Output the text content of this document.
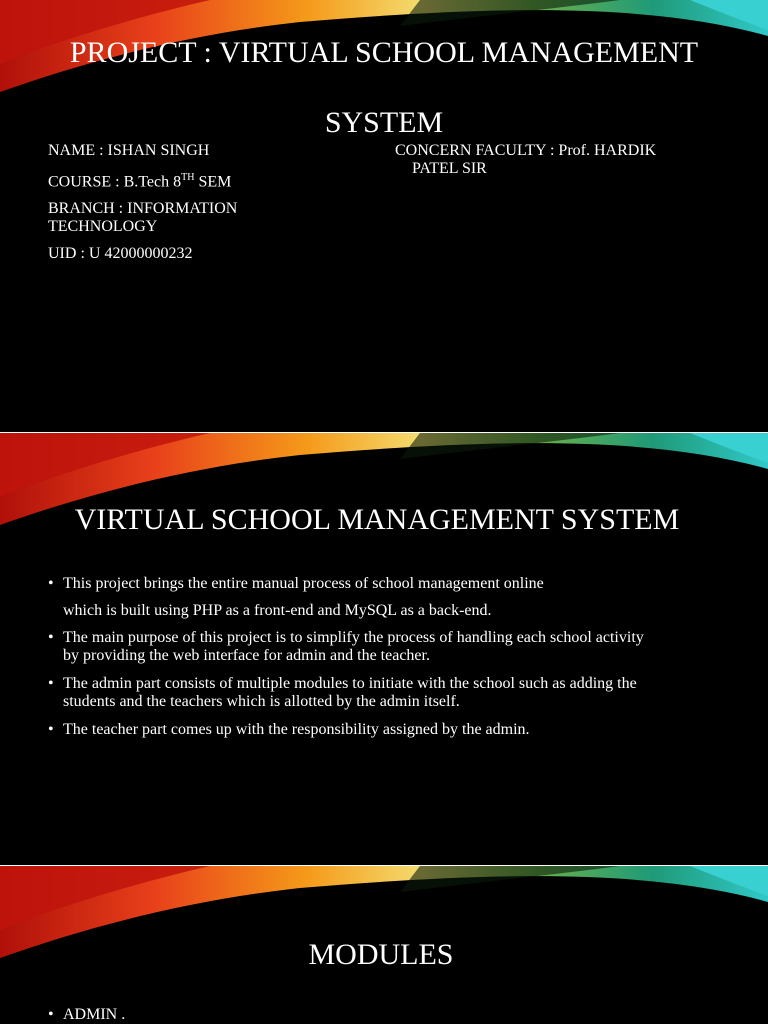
PROJECT : VIRTUAL SCHOOL MANAGEMENT
SYSTEM
NAME : ISHAN SINGH
COURSE : B.Tech 8TH SEM
BRANCH : INFORMATION
TECHNOLOGY
UID : U 42000000232
CONCERN FACULTY : Prof. HARDIK
PATEL SIR
VIRTUAL SCHOOL MANAGEMENT SYSTEM
• This project brings the entire manual process of school management online
which is built using PHP as a front-end and MySQL as a back-end.
• The main purpose of this project is to simplify the process of handling each school activity
by providing the web interface for admin and the teacher.
• The admin part consists of multiple modules to initiate with the school such as adding the
students and the teachers which is allotted by the admin itself.
• The teacher part comes up with the responsibility assigned by the admin.
MODULES
• ADMIN .
